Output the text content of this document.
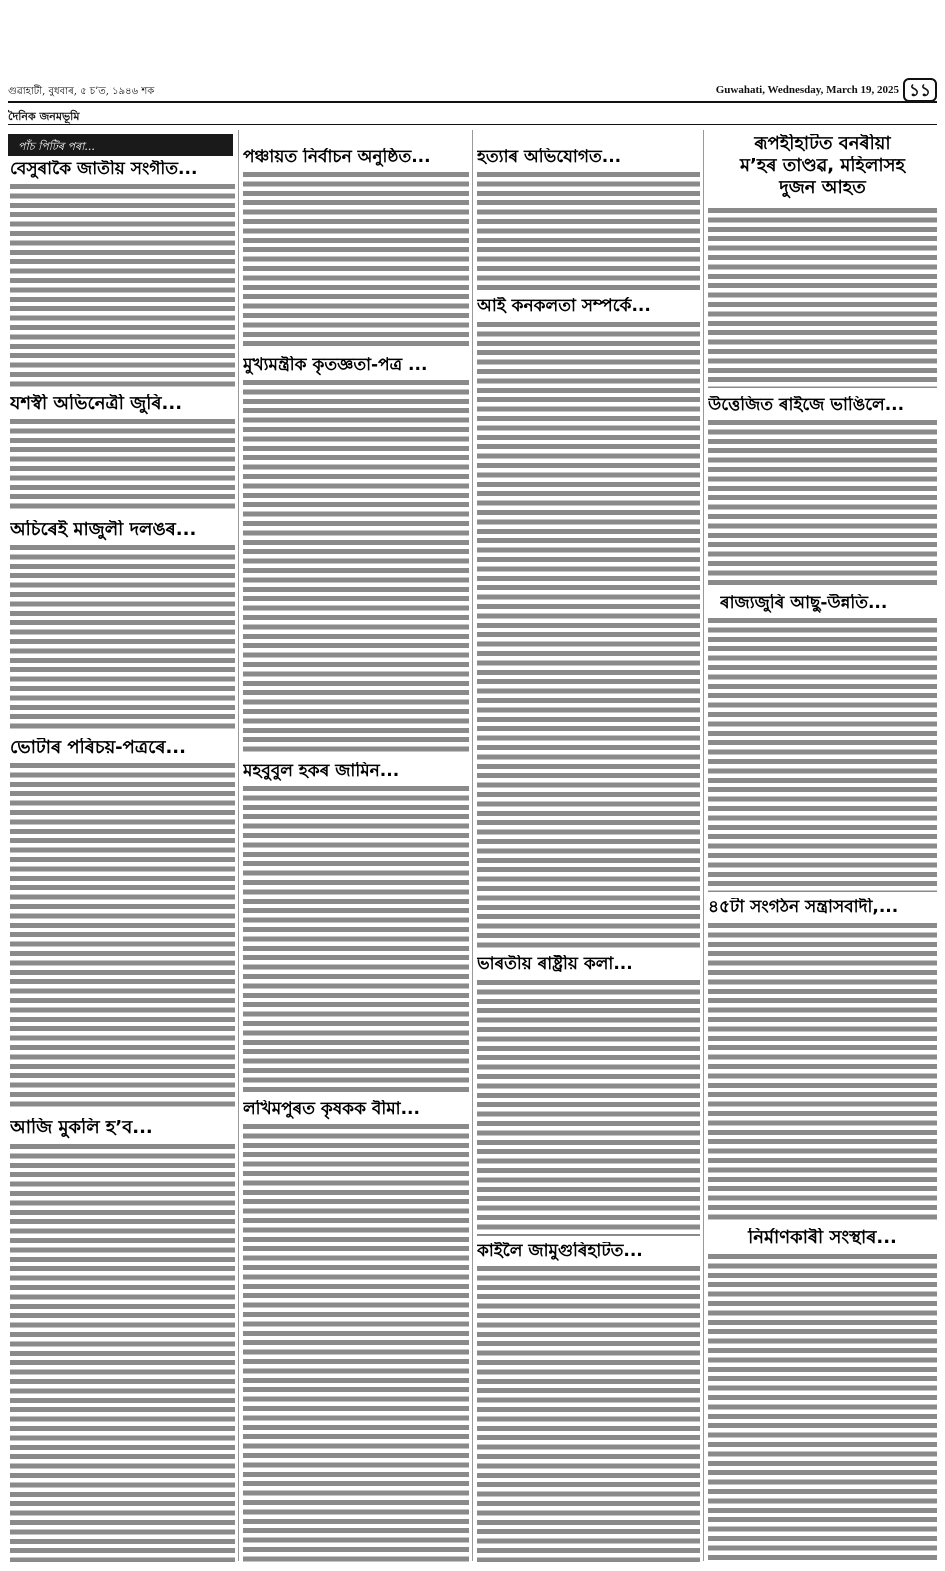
গুৱাহাটী, বুধবাৰ, ৫ চ’ত, ১৯৪৬ শক	Guwahati, Wednesday, March 19, 2025 ১১
দৈনিক জনমভূমি
পাঁচ পিটিৰ পৰা...
বেসুৰাকৈ জাতীয় সংগীত...
যশস্বী অভিনেত্ৰী জুৰি...
অচিৰেই মাজুলী দলঙৰ...
ভোটাৰ পৰিচয়-পত্ৰৰে...
আজি মুকলি হ’ব...
পঞ্চায়ত নিৰ্বাচন অনুষ্ঠিত...
মুখ্যমন্ত্ৰীক কৃতজ্ঞতা-পত্ৰ ...
মহবুবুল হকৰ জামিন...
লখিমপুৰত কৃষকক বীমা...
হত্যাৰ অভিযোগত...
আই কনকলতা সম্পৰ্কে...
ভাৰতীয় ৰাষ্ট্ৰীয় কলা...
কাইলৈ জামুগুৰিহাটত...
ৰূপহীহাটত বনৰীয়া
ম’হৰ তাণ্ডৱ, মহিলাসহ
দুজন আহত
উত্তেজিত ৰাইজে ভাঙিলে...
ৰাজ্যজুৰি আছু-উন্নতি...
৪৫টা সংগঠন সন্ত্ৰাসবাদী,...
নিৰ্মাণকাৰী সংস্থাৰ...
